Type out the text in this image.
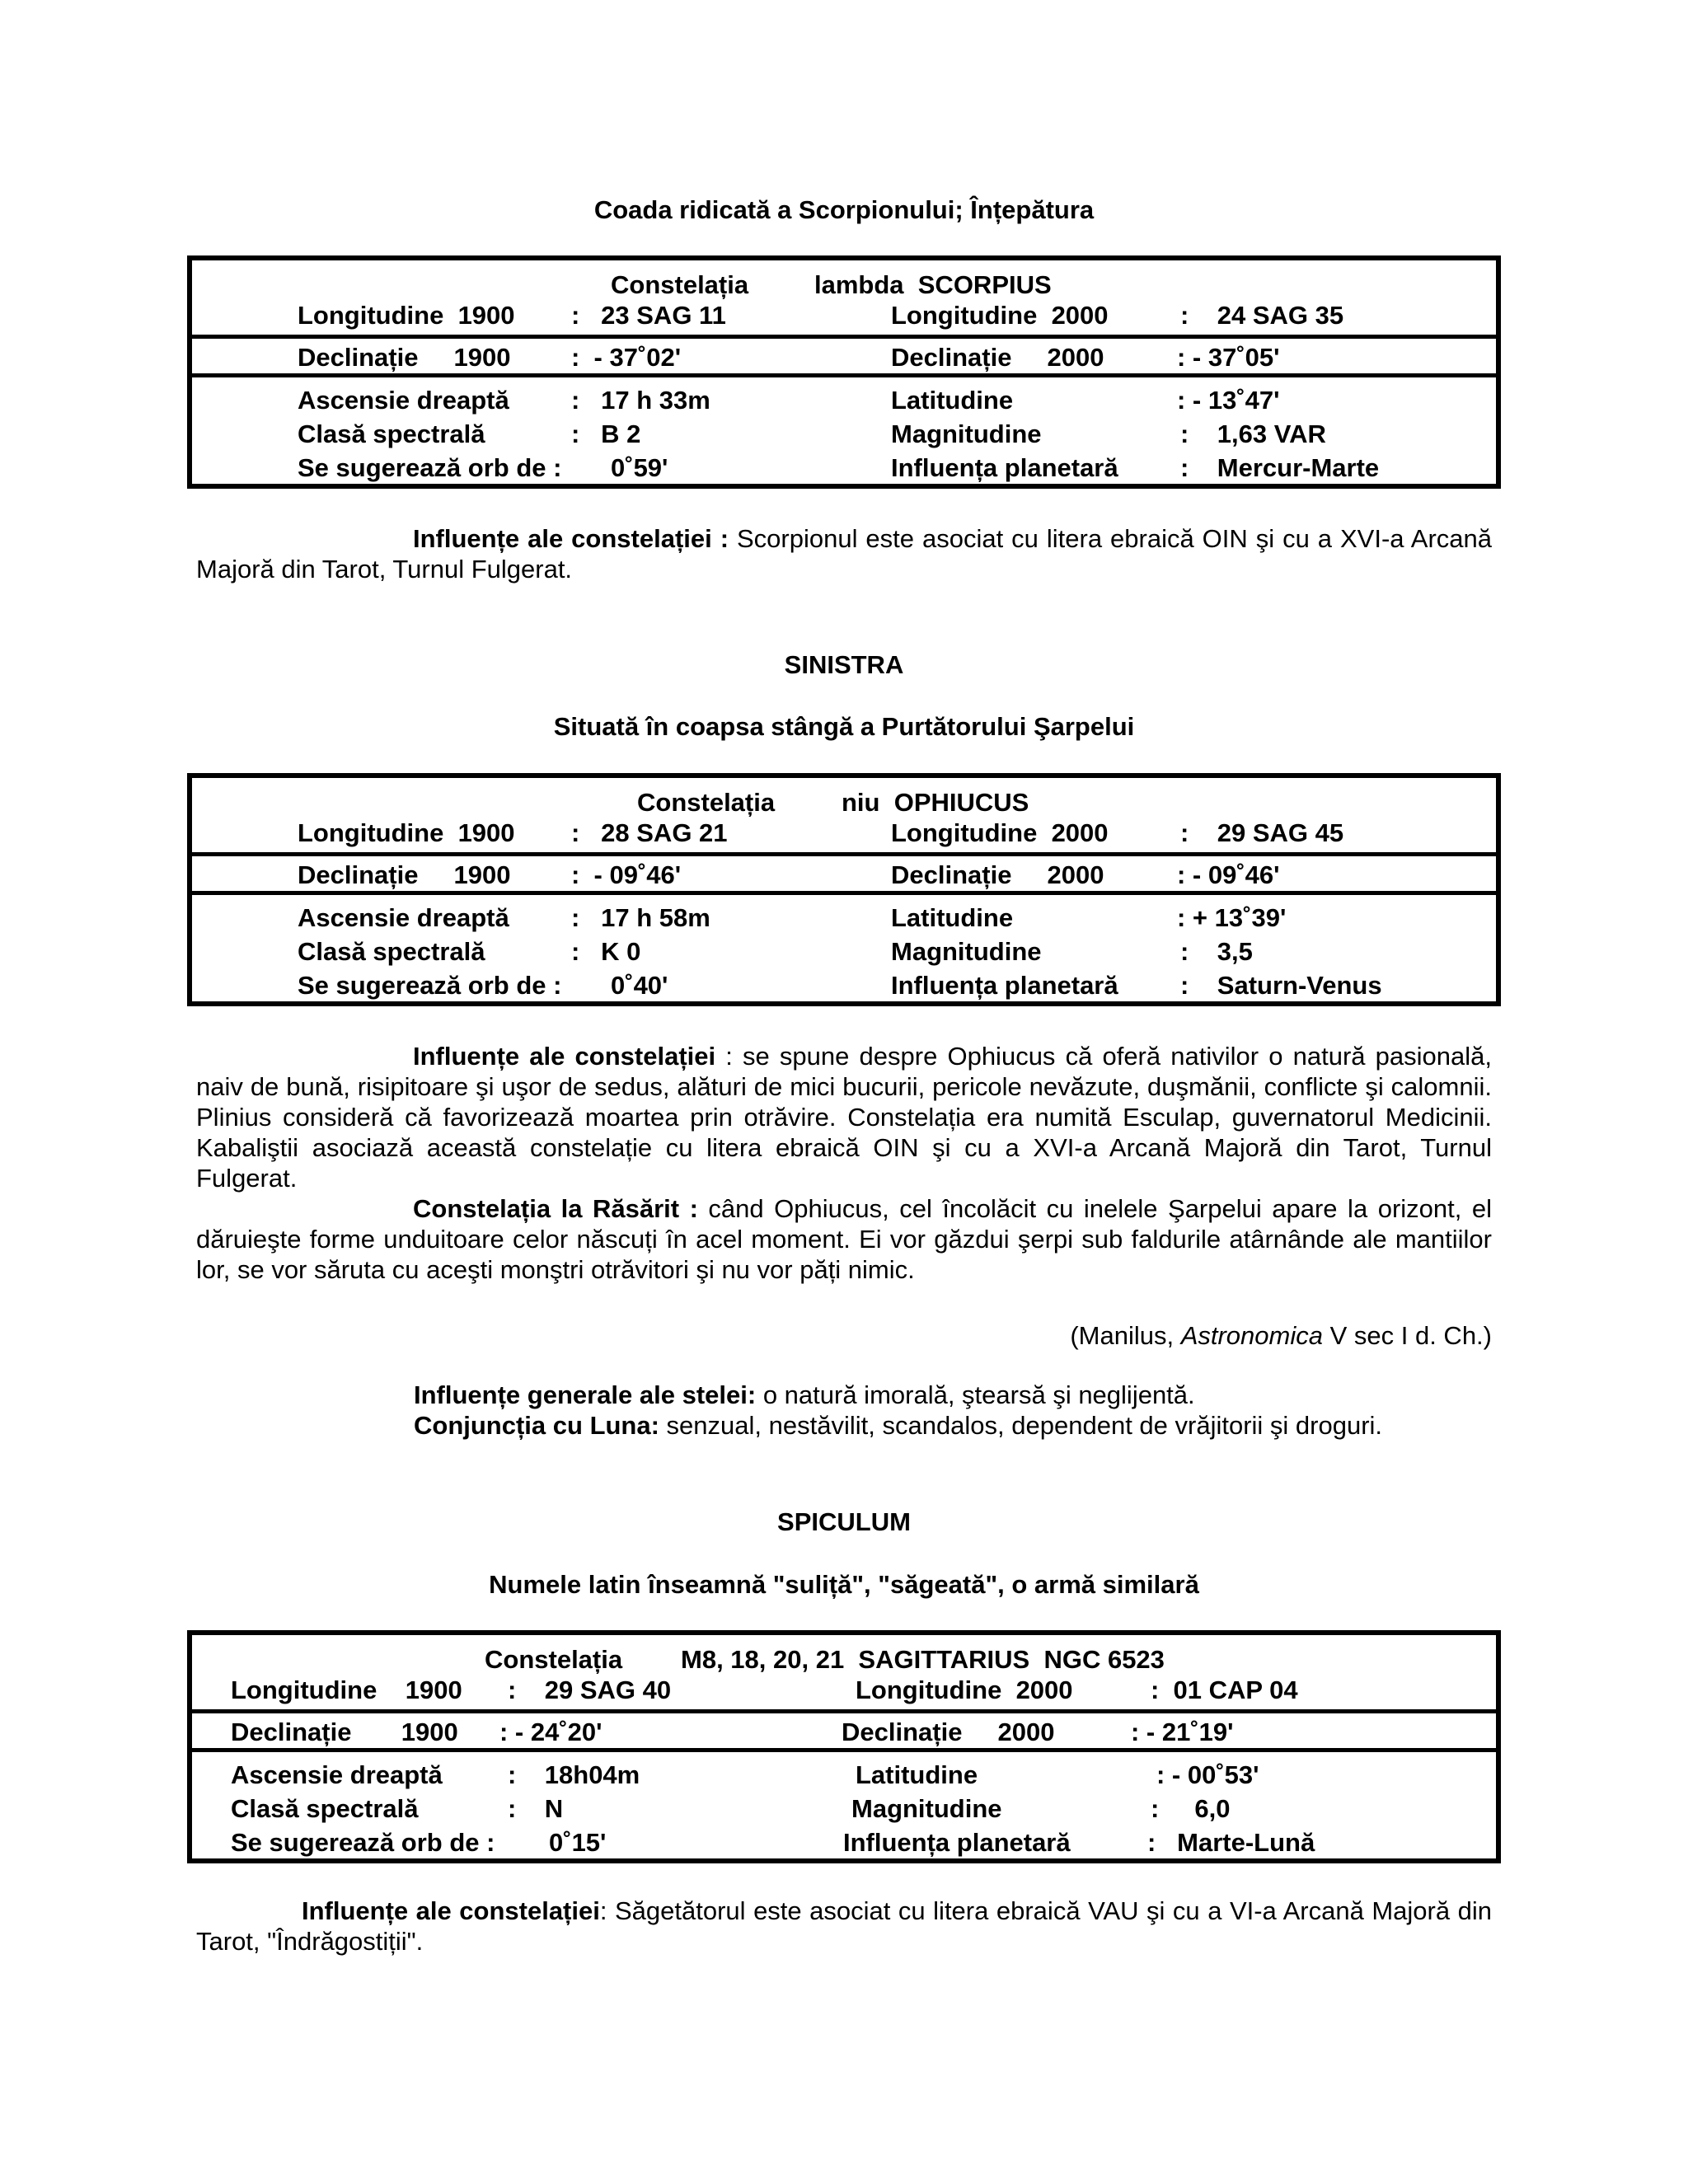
Coada ridicată a Scorpionului; Înțepătura
Constelația	lambda  SCORPIUS
Longitudine  1900 :   23 SAG 11	Longitudine  2000	:    24 SAG 35
Declinație     1900 :  - 37˚02'	Declinație     2000	: - 37˚05'
Ascensie dreaptă :   17 h 33m	Latitudine	: - 13˚47'
Clasă spectrală	:   B 2	Magnitudine	:    1,63 VAR
Se sugerează orb de : 0˚59'	Influența planetară :    Mercur-Marte
Influențe ale constelației : Scorpionul este asociat cu litera ebraică OIN şi cu a XVI-a Arcană Majoră din Tarot, Turnul Fulgerat.
SINISTRA
Situată în coapsa stângă a Purtătorului Şarpelui
Constelația	niu  OPHIUCUS
Longitudine  1900 :   28 SAG 21	Longitudine  2000	:    29 SAG 45
Declinație     1900 :  - 09˚46'	Declinație     2000	: - 09˚46'
Ascensie dreaptă :   17 h 58m	Latitudine	: + 13˚39'
Clasă spectrală	:   K 0	Magnitudine	:    3,5
Se sugerează orb de : 0˚40'	Influența planetară :    Saturn-Venus
Influențe ale constelației : se spune despre Ophiucus că oferă nativilor o natură pasională, naiv de bună, risipitoare şi uşor de sedus, alături de mici bucurii, pericole nevăzute, duşmănii, conflicte şi calomnii. Plinius consideră că favorizează moartea prin otrăvire. Constelația era numită Esculap, guvernatorul Medicinii. Kabaliştii asociază această constelație cu litera ebraică OIN şi cu a XVI-a Arcană Majoră din Tarot, Turnul Fulgerat.
Constelația la Răsărit : când Ophiucus, cel încolăcit cu inelele Şarpelui apare la orizont, el dăruieşte forme unduitoare celor născuți în acel moment. Ei vor găzdui şerpi sub faldurile atârnânde ale mantiilor lor, se vor săruta cu aceşti monştri otrăvitori şi nu vor păți nimic.
(Manilus, Astronomica V sec I d. Ch.)
Influențe generale ale stelei: o natură imorală, ştearsă şi neglijentă.
Conjuncția cu Luna: senzual, nestăvilit, scandalos, dependent de vrăjitorii şi droguri.
SPICULUM
Numele latin înseamnă "suliță", "săgeată", o armă similară
Constelația M8, 18, 20, 21  SAGITTARIUS  NGC 6523
Longitudine    1900 :    29 SAG 40	Longitudine  2000	:  01 CAP 04
Declinație       1900 : - 24˚20'	Declinație     2000	: - 21˚19'
Ascensie dreaptă	:    18h04m	Latitudine	: - 00˚53'
Clasă spectrală	:    N	Magnitudine	:     6,0
Se sugerează orb de : 0˚15'	Influența planetară	:   Marte-Lună
Influențe ale constelației: Săgetătorul este asociat cu litera ebraică VAU şi cu a VI-a Arcană Majoră din Tarot, "Îndrăgostiții".
